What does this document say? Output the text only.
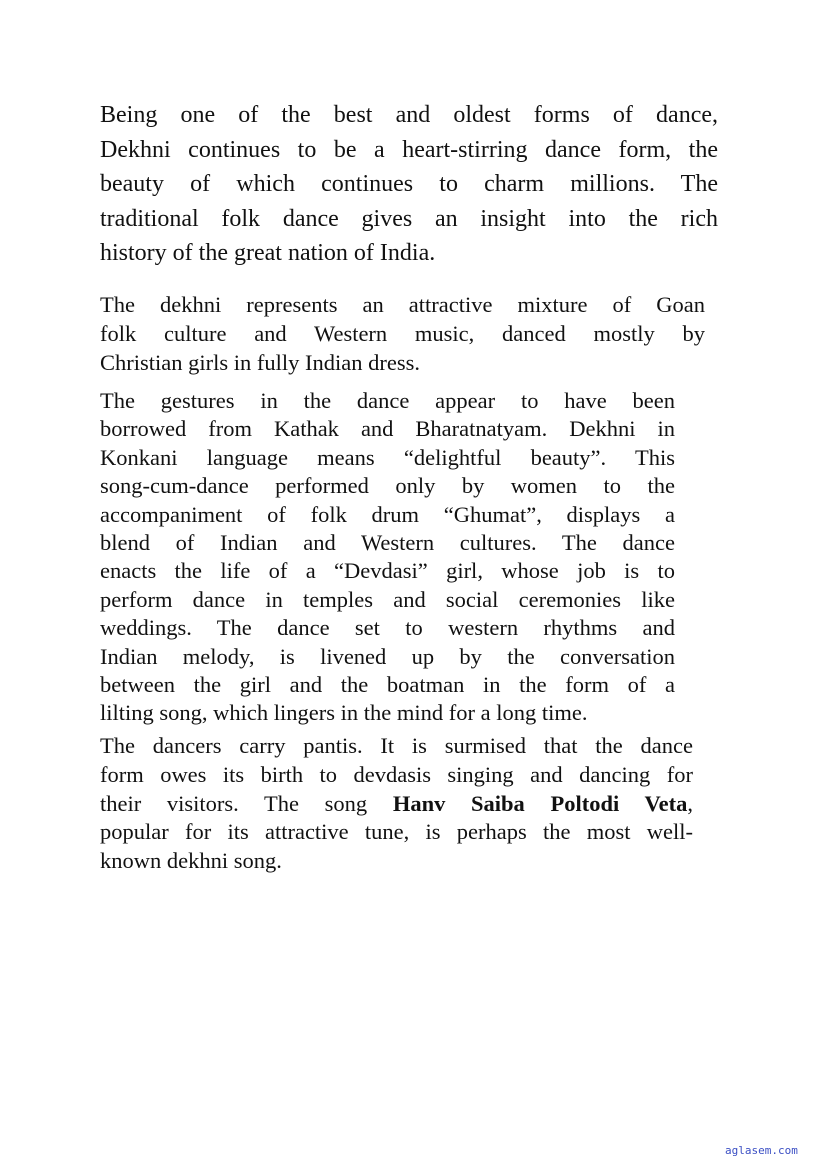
Being one of the best and oldest forms of dance,
Dekhni continues to be a heart-stirring dance form, the
beauty of which continues to charm millions. The
traditional folk dance gives an insight into the rich
history of the great nation of India.
The dekhni represents an attractive mixture of Goan
folk culture and Western music, danced mostly by
Christian girls in fully Indian dress.
The gestures in the dance appear to have been
borrowed from Kathak and Bharatnatyam. Dekhni in
Konkani language means “delightful beauty”. This
song-cum-dance performed only by women to the
accompaniment of folk drum “Ghumat”, displays a
blend of Indian and Western cultures. The dance
enacts the life of a “Devdasi” girl, whose job is to
perform dance in temples and social ceremonies like
weddings. The dance set to western rhythms and
Indian melody, is livened up by the conversation
between the girl and the boatman in the form of a
lilting song, which lingers in the mind for a long time.
The dancers carry pantis. It is surmised that the dance
form owes its birth to devdasis singing and dancing for
their visitors. The song Hanv Saiba Poltodi Veta,
popular for its attractive tune, is perhaps the most well-
known dekhni song.
aglasem.com
